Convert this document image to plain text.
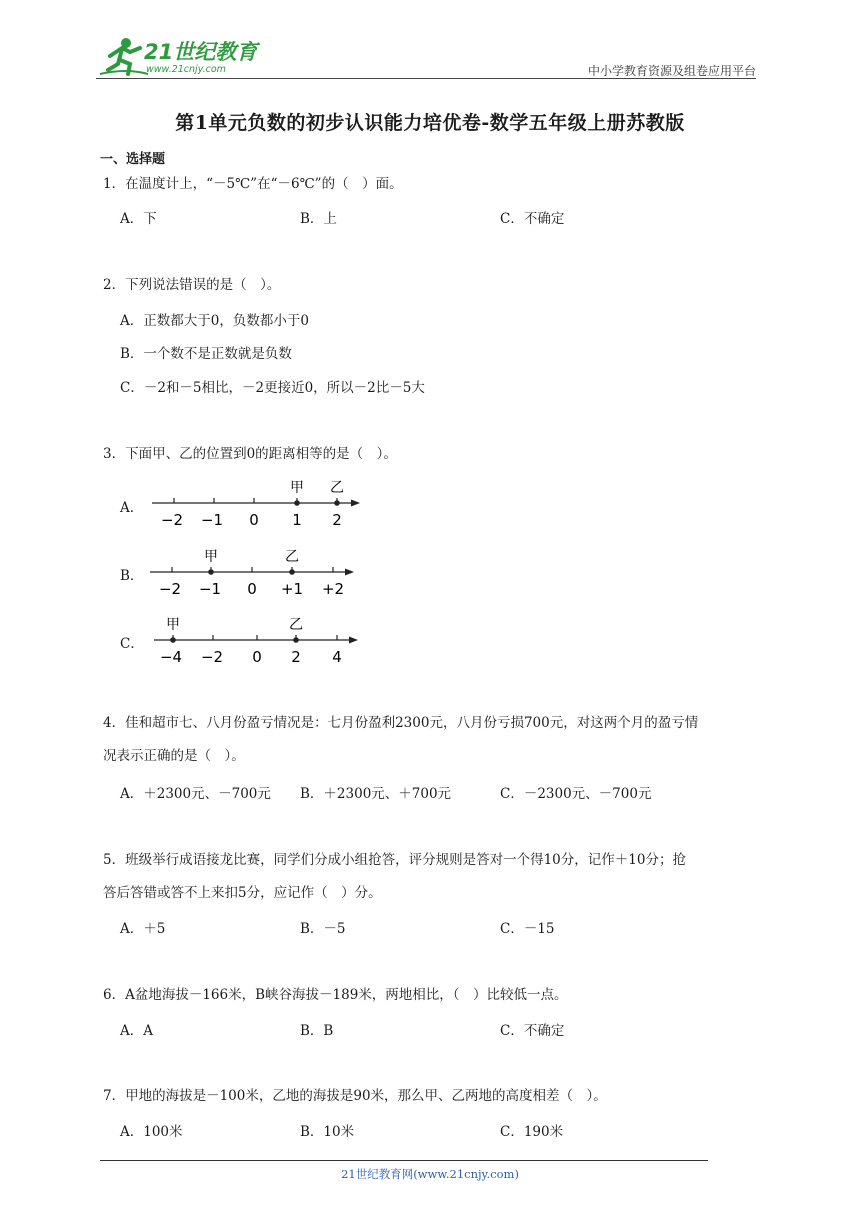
21世纪教育
www.21cnjy.com	中小学教育资源及组卷应用平台
第1单元负数的初步认识能力培优卷-数学五年级上册苏教版
一、选择题
1．在温度计上，“－5℃”在“－6℃”的（　）面。
A．下	B．上	C．不确定
2．下列说法错误的是（　）。
A．正数都大于0，负数都小于0
B．一个数不是正数就是负数
C．－2和－5相比，－2更接近0，所以－2比－5大
3．下面甲、乙的位置到0的距离相等的是（　）。
A．
甲 乙
−2 −1 0 1 2
B．
甲	乙
−2 −1 0 +1 +2
C．
甲	乙
−4 −2 0 2 4
4．佳和超市七、八月份盈亏情况是：七月份盈利2300元，八月份亏损700元，对这两个月的盈亏情
况表示正确的是（　）。
A．＋2300元、－700元 B．＋2300元、＋700元	C．－2300元、－700元
5．班级举行成语接龙比赛，同学们分成小组抢答，评分规则是答对一个得10分，记作＋10分；抢
答后答错或答不上来扣5分，应记作（　）分。
A．＋5	B．－5	C．－15
6．A盆地海拔－166米，B峡谷海拔－189米，两地相比，（　）比较低一点。
A．A	B．B	C．不确定
7．甲地的海拔是－100米，乙地的海拔是90米，那么甲、乙两地的高度相差（　）。
A．100米	B．10米	C．190米
21世纪教育网(www.21cnjy.com)
